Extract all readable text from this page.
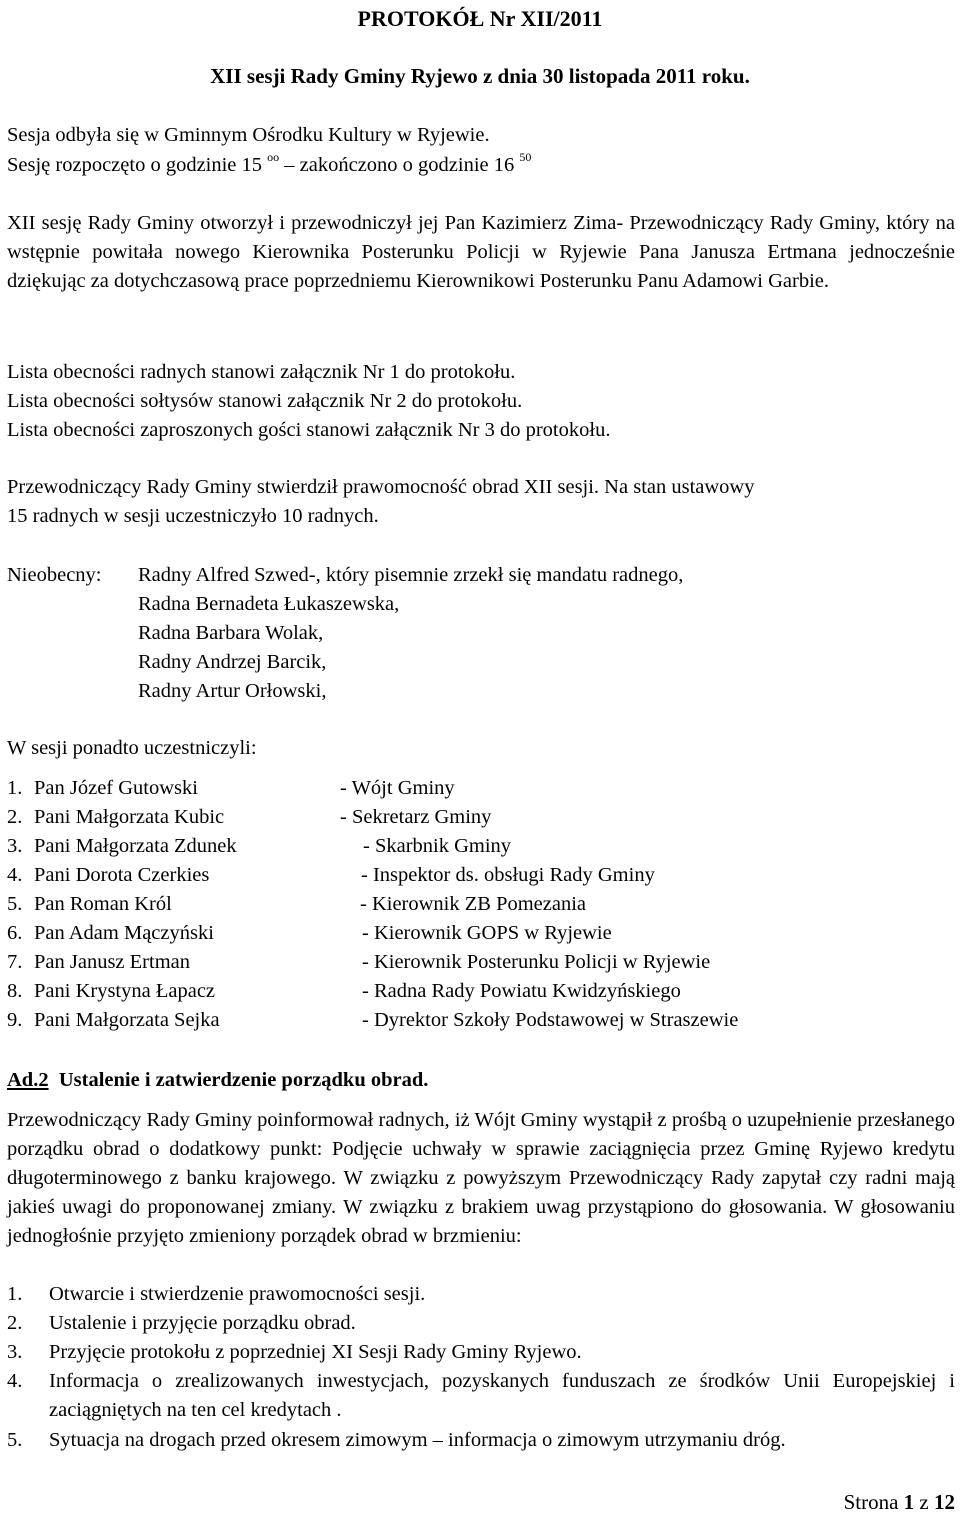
PROTOKÓŁ Nr XII/2011
XII sesji Rady Gminy Ryjewo z dnia 30 listopada 2011 roku.
Sesja odbyła się w Gminnym Ośrodku Kultury w Ryjewie.
Sesję rozpoczęto o godzinie 15 $^{oo}$ – zakończono o godzinie 16 $^{50}$
XII sesję Rady Gminy otworzył i przewodniczył jej Pan Kazimierz Zima- Przewodniczący Rady Gminy, który na wstępnie powitała nowego Kierownika Posterunku Policji w Ryjewie Pana Janusza Ertmana jednocześnie dziękując za dotychczasową prace poprzedniemu Kierownikowi Posterunku Panu Adamowi Garbie.
Lista obecności radnych stanowi załącznik Nr 1 do protokołu.
Lista obecności sołtysów stanowi załącznik Nr 2 do protokołu.
Lista obecności zaproszonych gości stanowi załącznik Nr 3 do protokołu.
Przewodniczący Rady Gminy stwierdził prawomocność obrad XII sesji. Na stan ustawowy
15 radnych w sesji uczestniczyło 10 radnych.
Nieobecny:	Radny Alfred Szwed-, który pisemnie zrzekł się mandatu radnego,
Radna Bernadeta Łukaszewska,
Radna Barbara Wolak,
Radny Andrzej Barcik,
Radny Artur Orłowski,
W sesji ponadto uczestniczyli:
1. Pan Józef Gutowski	- Wójt Gminy
2. Pani Małgorzata Kubic	- Sekretarz Gminy
3. Pani Małgorzata Zdunek	- Skarbnik Gminy
4. Pani Dorota Czerkies	- Inspektor ds. obsługi Rady Gminy
5. Pan Roman Król	- Kierownik ZB Pomezania
6. Pan Adam Mączyński	- Kierownik GOPS w Ryjewie
7. Pan Janusz Ertman	- Kierownik Posterunku Policji w Ryjewie
8. Pani Krystyna Łapacz	- Radna Rady Powiatu Kwidzyńskiego
9. Pani Małgorzata Sejka	- Dyrektor Szkoły Podstawowej w Straszewie
Ad.2  Ustalenie i zatwierdzenie porządku obrad.
Przewodniczący Rady Gminy poinformował radnych, iż Wójt Gminy wystąpił z prośbą o uzupełnienie przesłanego porządku obrad o dodatkowy punkt: Podjęcie uchwały w sprawie zaciągnięcia przez Gminę Ryjewo kredytu długoterminowego z banku krajowego. W związku z powyższym Przewodniczący Rady zapytał czy radni mają jakieś uwagi do proponowanej zmiany. W związku z brakiem uwag przystąpiono do głosowania. W głosowaniu jednogłośnie przyjęto zmieniony porządek obrad w brzmieniu:
1. Otwarcie i stwierdzenie prawomocności sesji.
2. Ustalenie i przyjęcie porządku obrad.
3. Przyjęcie protokołu z poprzedniej XI Sesji Rady Gminy Ryjewo.
4. Informacja o zrealizowanych inwestycjach, pozyskanych funduszach ze środków Unii Europejskiej i zaciągniętych na ten cel kredytach .
5. Sytuacja na drogach przed okresem zimowym – informacja o zimowym utrzymaniu dróg.
Strona 1 z 12
